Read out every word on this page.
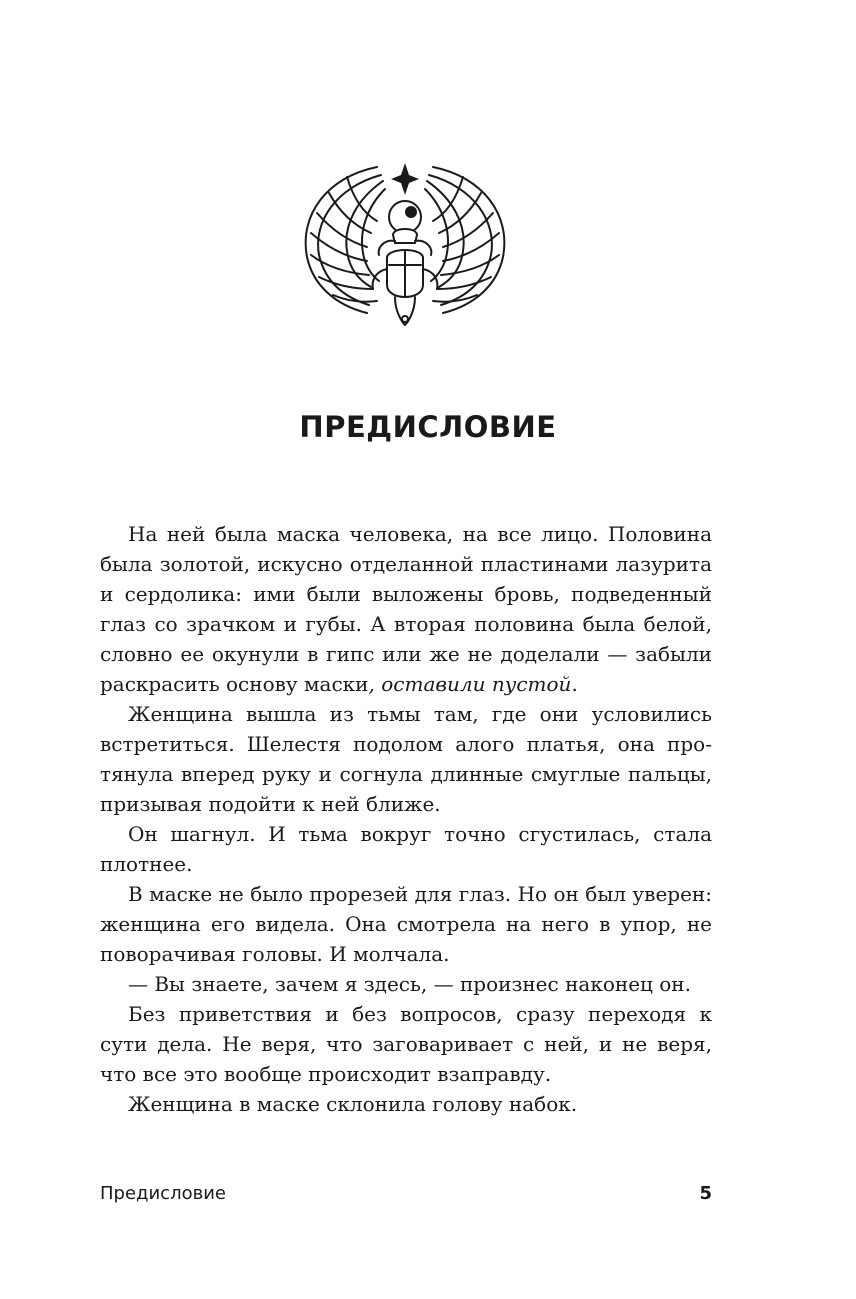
ПРЕДИСЛОВИЕ

На ней была маска человека, на все лицо. Половина была золотой, искусно отделанной пластинами лазурита и сердолика: ими были выложены бровь, подведенный глаз со зрачком и губы. А вторая половина была белой, словно ее окунули в гипс или же не доделали — забыли раскрасить основу маски, оставили пустой.

Женщина вышла из тьмы там, где они условились встретиться. Шелестя подолом алого платья, она протянула вперед руку и согнула длинные смуглые пальцы, призывая подойти к ней ближе.

Он шагнул. И тьма вокруг точно сгустилась, стала плотнее.

В маске не было прорезей для глаз. Но он был уверен: женщина его видела. Она смотрела на него в упор, не поворачивая головы. И молчала.

— Вы знаете, зачем я здесь, — произнес наконец он.

Без приветствия и без вопросов, сразу переходя к сути дела. Не веря, что заговаривает с ней, и не веря, что все это вообще происходит взаправду.

Женщина в маске склонила голову набок.

Предисловие	5
